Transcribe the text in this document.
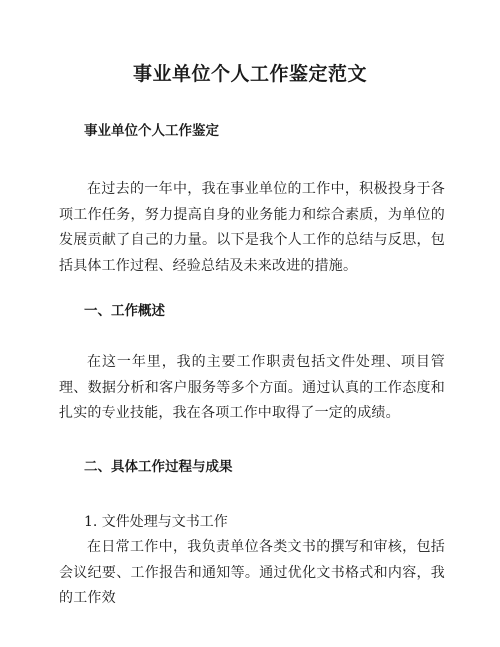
事业单位个人工作鉴定范文
事业单位个人工作鉴定
在过去的一年中，我在事业单位的工作中，积极投身于各项工作任务，努力提高自身的业务能力和综合素质，为单位的发展贡献了自己的力量。以下是我个人工作的总结与反思，包括具体工作过程、经验总结及未来改进的措施。
一、工作概述
在这一年里，我的主要工作职责包括文件处理、项目管理、数据分析和客户服务等多个方面。通过认真的工作态度和扎实的专业技能，我在各项工作中取得了一定的成绩。
二、具体工作过程与成果
1. 文件处理与文书工作
在日常工作中，我负责单位各类文书的撰写和审核，包括会议纪要、工作报告和通知等。通过优化文书格式和内容，我的工作效
